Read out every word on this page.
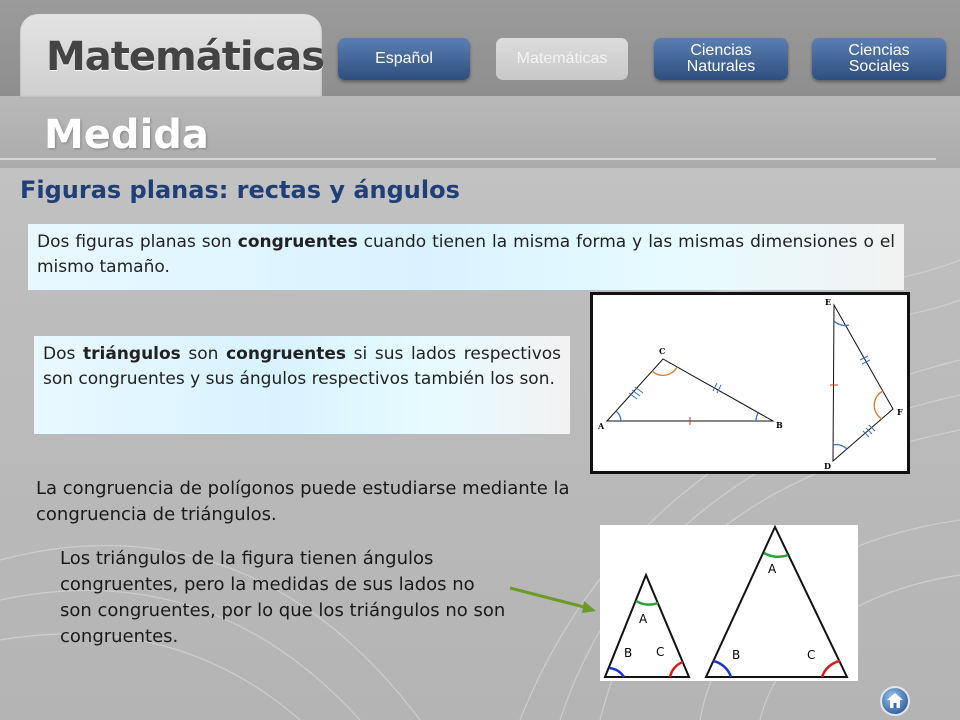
Matemáticas	Español	Matemáticas	Ciencias
Naturales
Ciencias
Sociales
Medida
Figuras planas: rectas y ángulos
Dos figuras planas son congruentes cuando tienen la misma forma y las mismas dimensiones o el mismo tamaño.
Dos triángulos son congruentes si sus lados respectivos son congruentes y sus ángulos respectivos también los son.
A	B
C
E
D
F
La congruencia de polígonos puede estudiarse mediante la congruencia de triángulos.
Los triángulos de la figura tienen ángulos congruentes, pero la medidas de sus lados no son congruentes, por lo que los triángulos no son congruentes.
A
B C
A
B	C
